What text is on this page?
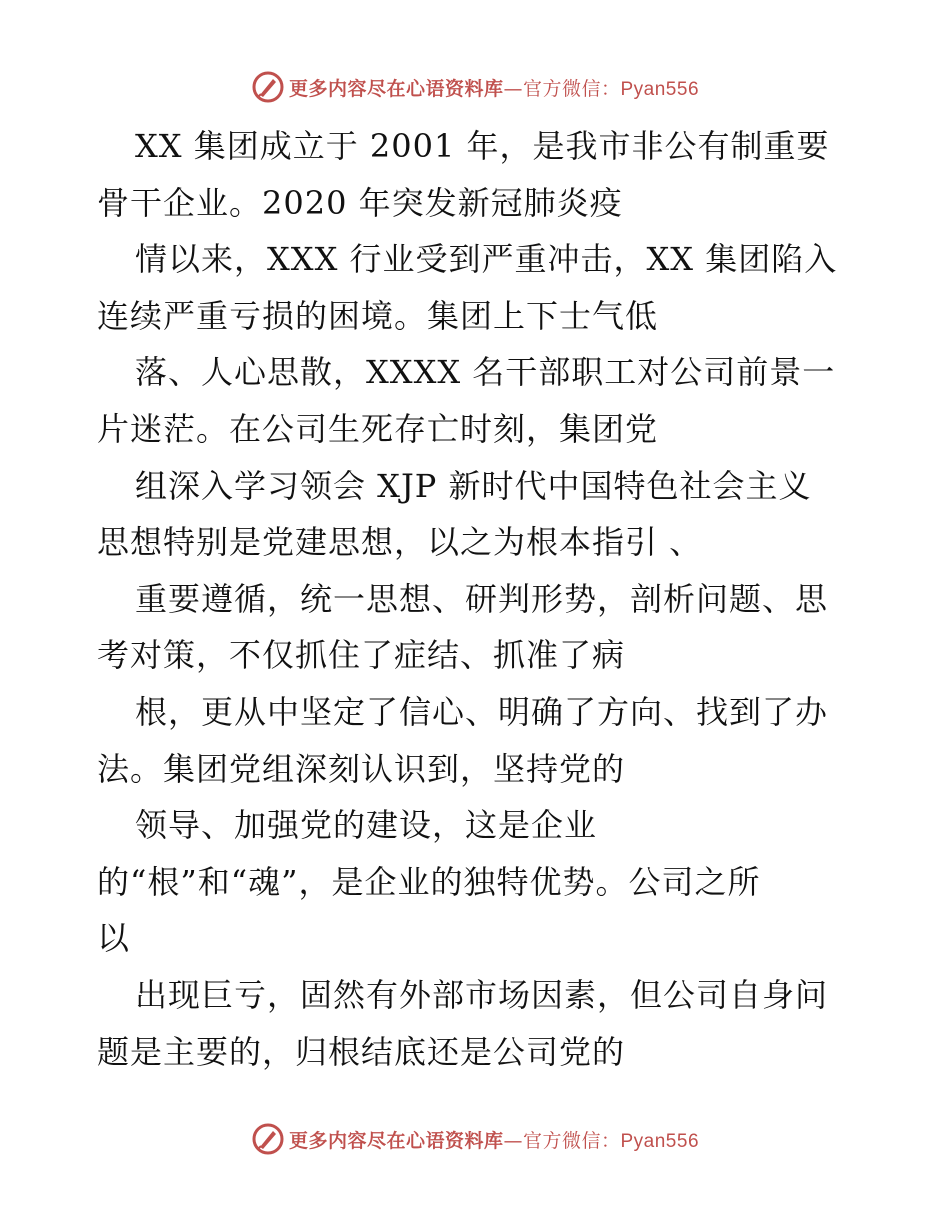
更多内容尽在心语资料库—官方微信：Pyan556
XX 集团成立于 2001 年，是我市非公有制重要
骨干企业。2020 年突发新冠肺炎疫
情以来，XXX 行业受到严重冲击，XX 集团陷入
连续严重亏损的困境。集团上下士气低
落、人心思散，XXXX 名干部职工对公司前景一
片迷茫。在公司生死存亡时刻，集团党
组深入学习领会 XJP 新时代中国特色社会主义
思想特别是党建思想，以之为根本指引 、
重要遵循，统一思想、研判形势，剖析问题、思
考对策，不仅抓住了症结、抓准了病
根，更从中坚定了信心、明确了方向、找到了办
法。集团党组深刻认识到，坚持党的
领导、加强党的建设，这是企业
的“根”和“魂”，是企业的独特优势。公司之所
以
出现巨亏，固然有外部市场因素，但公司自身问
题是主要的，归根结底还是公司党的
更多内容尽在心语资料库—官方微信：Pyan556
